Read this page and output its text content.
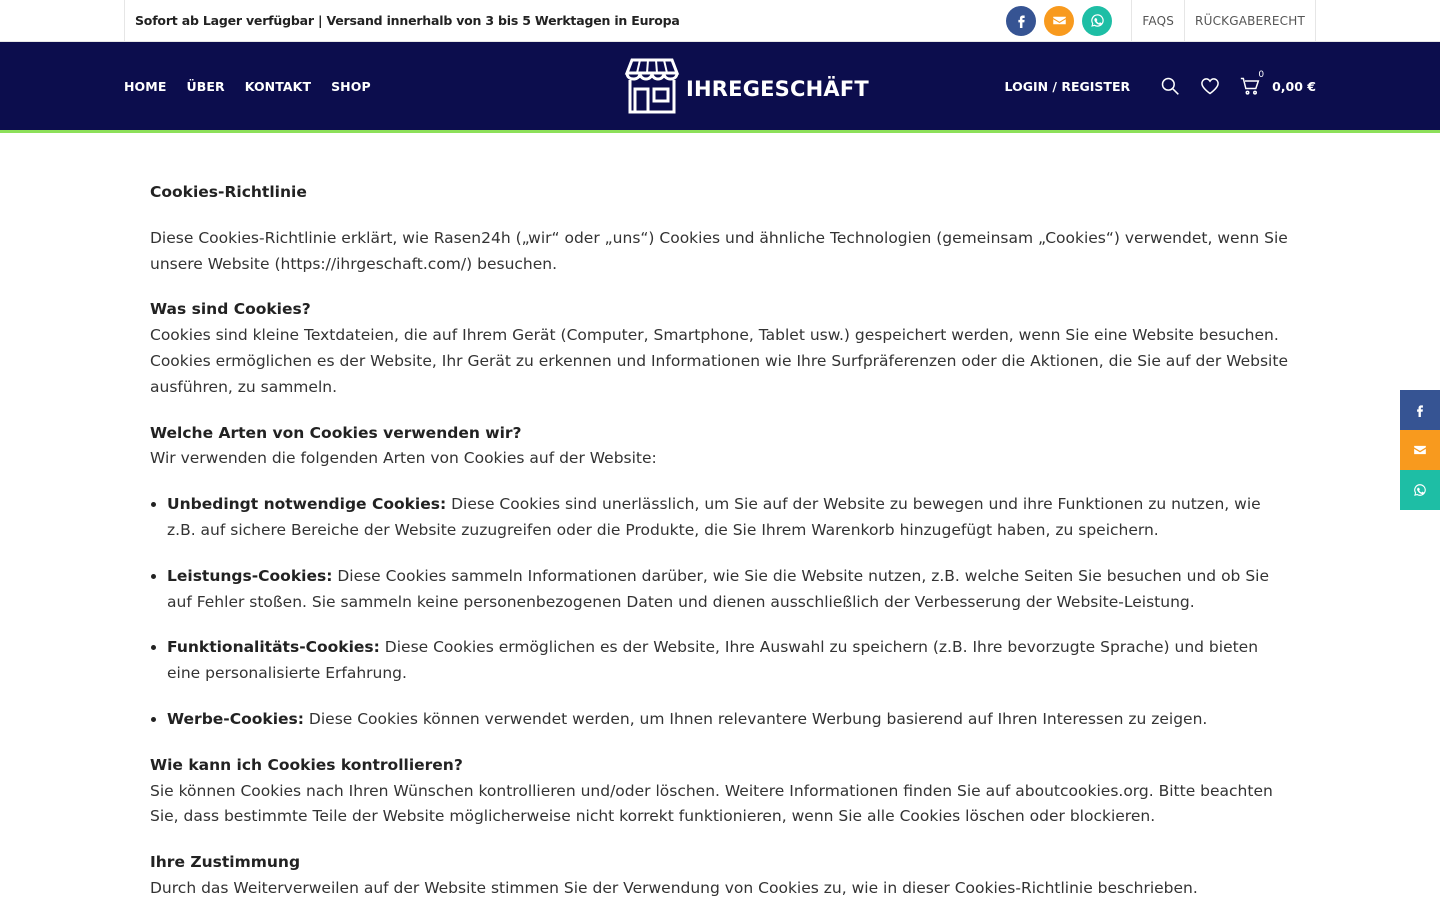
Sofort ab Lager verfügbar | Versand innerhalb von 3 bis 5 Werktagen in Europa	FAQS	RÜCKGABERECHT
HOME ÜBER KONTAKT SHOP	IHREGESCHÄFT	LOGIN / REGISTER
0
0,00 €

Cookies-Richtlinie

Diese Cookies-Richtlinie erklärt, wie Rasen24h („wir“ oder „uns“) Cookies und ähnliche Technologien (gemeinsam „Cookies“) verwendet, wenn Sie unsere Website (https://ihrgeschaft.com/) besuchen.

Was sind Cookies?
Cookies sind kleine Textdateien, die auf Ihrem Gerät (Computer, Smartphone, Tablet usw.) gespeichert werden, wenn Sie eine Website besuchen. Cookies ermöglichen es der Website, Ihr Gerät zu erkennen und Informationen wie Ihre Surfpräferenzen oder die Aktionen, die Sie auf der Website ausführen, zu sammeln.

Welche Arten von Cookies verwenden wir?
Wir verwenden die folgenden Arten von Cookies auf der Website:

• Unbedingt notwendige Cookies: Diese Cookies sind unerlässlich, um Sie auf der Website zu bewegen und ihre Funktionen zu nutzen, wie z.B. auf sichere Bereiche der Website zuzugreifen oder die Produkte, die Sie Ihrem Warenkorb hinzugefügt haben, zu speichern.
• Leistungs-Cookies: Diese Cookies sammeln Informationen darüber, wie Sie die Website nutzen, z.B. welche Seiten Sie besuchen und ob Sie auf Fehler stoßen. Sie sammeln keine personenbezogenen Daten und dienen ausschließlich der Verbesserung der Website-Leistung.
• Funktionalitäts-Cookies: Diese Cookies ermöglichen es der Website, Ihre Auswahl zu speichern (z.B. Ihre bevorzugte Sprache) und bieten eine personalisierte Erfahrung.
• Werbe-Cookies: Diese Cookies können verwendet werden, um Ihnen relevantere Werbung basierend auf Ihren Interessen zu zeigen.

Wie kann ich Cookies kontrollieren?
Sie können Cookies nach Ihren Wünschen kontrollieren und/oder löschen. Weitere Informationen finden Sie auf aboutcookies.org. Bitte beachten Sie, dass bestimmte Teile der Website möglicherweise nicht korrekt funktionieren, wenn Sie alle Cookies löschen oder blockieren.

Ihre Zustimmung
Durch das Weiterverweilen auf der Website stimmen Sie der Verwendung von Cookies zu, wie in dieser Cookies-Richtlinie beschrieben.
